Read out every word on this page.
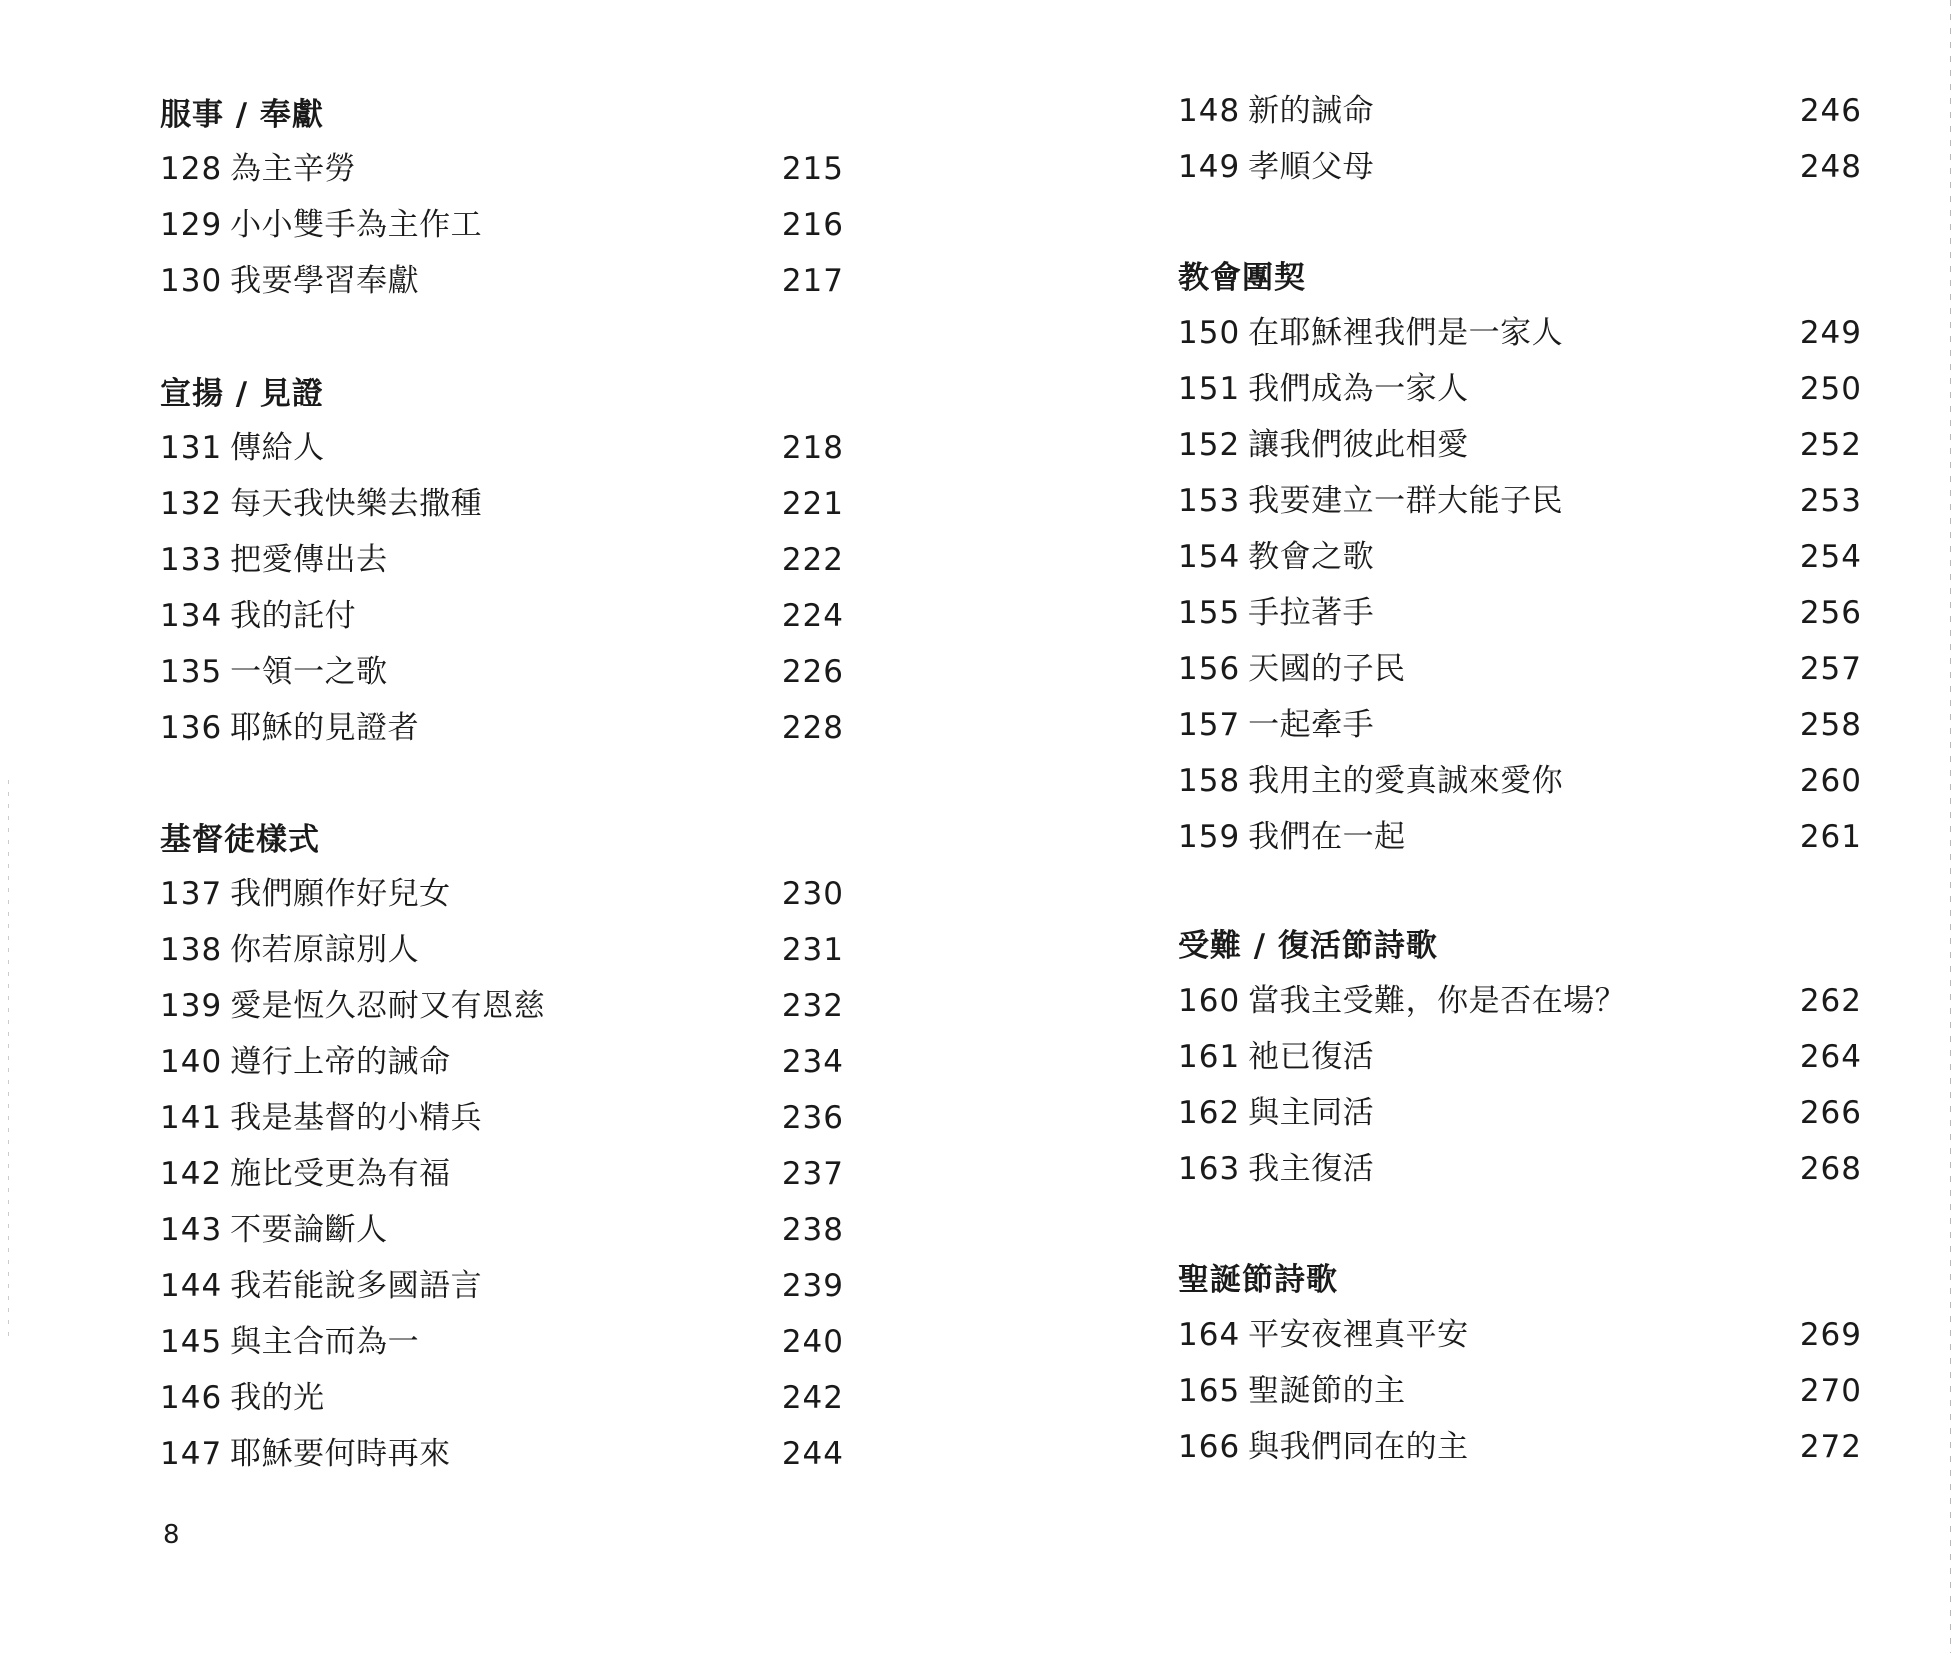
服事 / 奉獻
128 為主辛勞	215
129 小小雙手為主作工	216
130 我要學習奉獻	217
宣揚 / 見證
131 傳給人	218
132 每天我快樂去撒種	221
133 把愛傳出去	222
134 我的託付	224
135 一領一之歌	226
136 耶穌的見證者	228
基督徒樣式
137 我們願作好兒女	230
138 你若原諒別人	231
139 愛是恆久忍耐又有恩慈	232
140 遵行上帝的誡命	234
141 我是基督的小精兵	236
142 施比受更為有福	237
143 不要論斷人	238
144 我若能說多國語言	239
145 與主合而為一	240
146 我的光	242
147 耶穌要何時再來	244
148 新的誡命	246
149 孝順父母	248
教會團契
150 在耶穌裡我們是一家人	249
151 我們成為一家人	250
152 讓我們彼此相愛	252
153 我要建立一群大能子民	253
154 教會之歌	254
155 手拉著手	256
156 天國的子民	257
157 一起牽手	258
158 我用主的愛真誠來愛你	260
159 我們在一起	261
受難 / 復活節詩歌
160 當我主受難，你是否在場？	262
161 祂已復活	264
162 與主同活	266
163 我主復活	268
聖誕節詩歌
164 平安夜裡真平安	269
165 聖誕節的主	270
166 與我們同在的主	272
8
